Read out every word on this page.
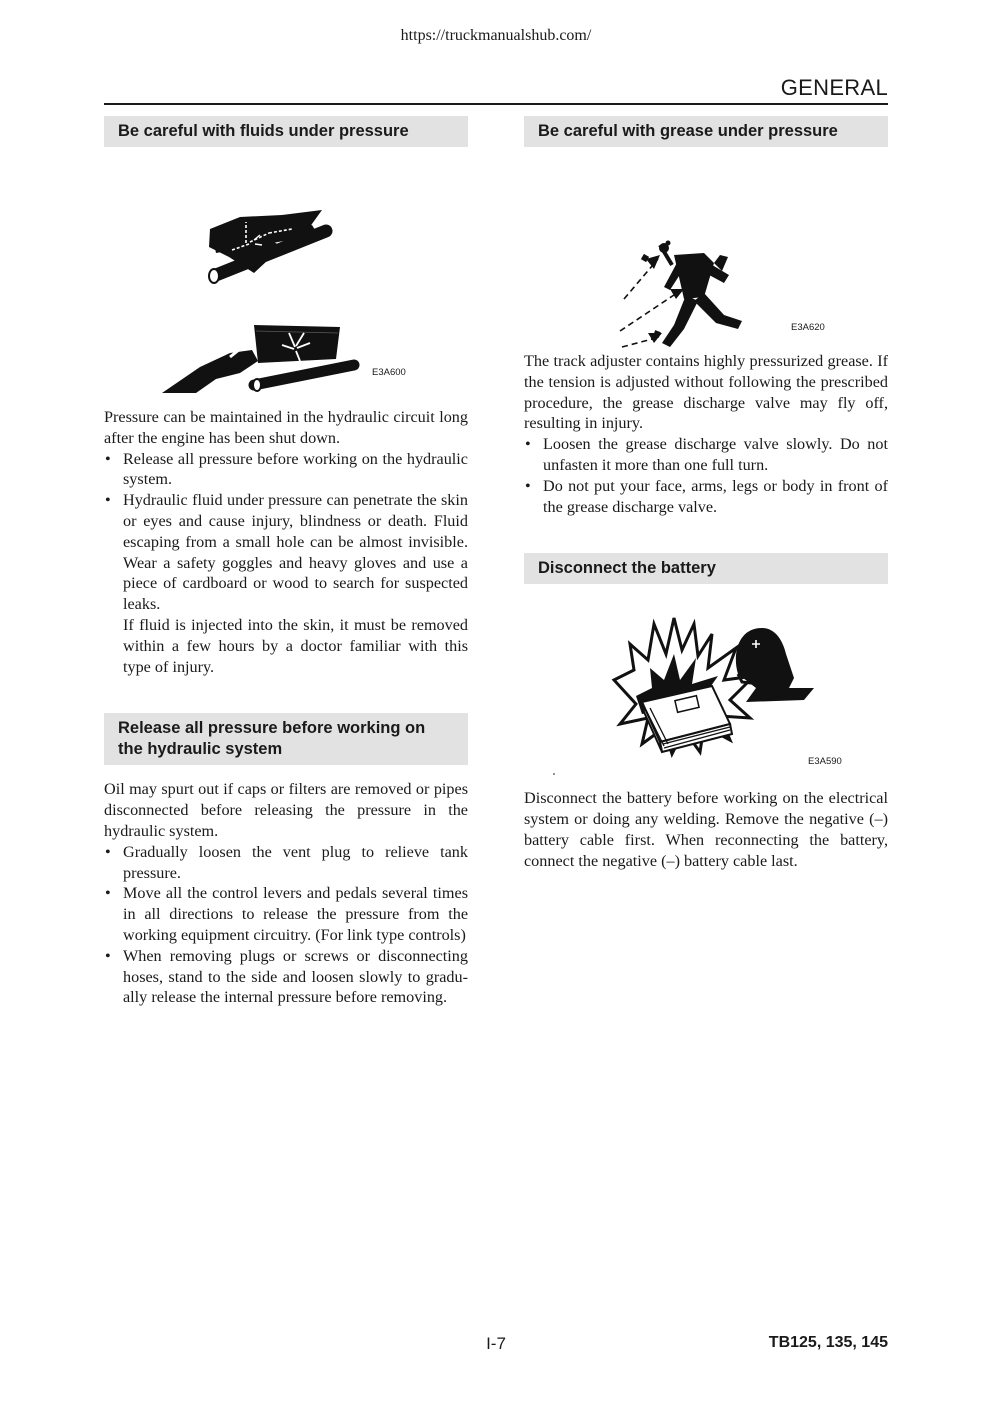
https://truckmanualshub.com/
GENERAL
Be careful with fluids under pressure
E3A600

Pressure can be maintained in the hydraulic circuit long after the engine has been shut down.

• Release all pressure before working on the hydraulic system.
• Hydraulic fluid under pressure can penetrate the skin or eyes and cause injury, blindness or death. Fluid escaping from a small hole can be almost invisible. Wear a safety goggles and heavy gloves and use a piece of cardboard or wood to search for suspected leaks.
If fluid is injected into the skin, it must be removed within a few hours by a doctor familiar with this type of injury.
Release all pressure before working on the hydraulic system

Oil may spurt out if caps or filters are removed or pipes disconnected before releasing the pressure in the hydraulic system.

• Gradually loosen the vent plug to relieve tank pressure.
• Move all the control levers and pedals several times in all directions to release the pressure from the working equipment circuitry. (For link type controls)
• When removing plugs or screws or disconnecting hoses, stand to the side and loosen slowly to gradually release the internal pressure before removing.
Be careful with grease under pressure
E3A620

The track adjuster contains highly pressurized grease. If the tension is adjusted without following the prescribed procedure, the grease discharge valve may fly off, resulting in injury.

• Loosen the grease discharge valve slowly. Do not unfasten it more than one full turn.
• Do not put your face, arms, legs or body in front of the grease discharge valve.
Disconnect the battery
E3A590

Disconnect the battery before working on the electrical system or doing any welding. Remove the negative (–) battery cable first. When reconnecting the battery, connect the negative (–) battery cable last.

I-7	TB125, 135, 145
